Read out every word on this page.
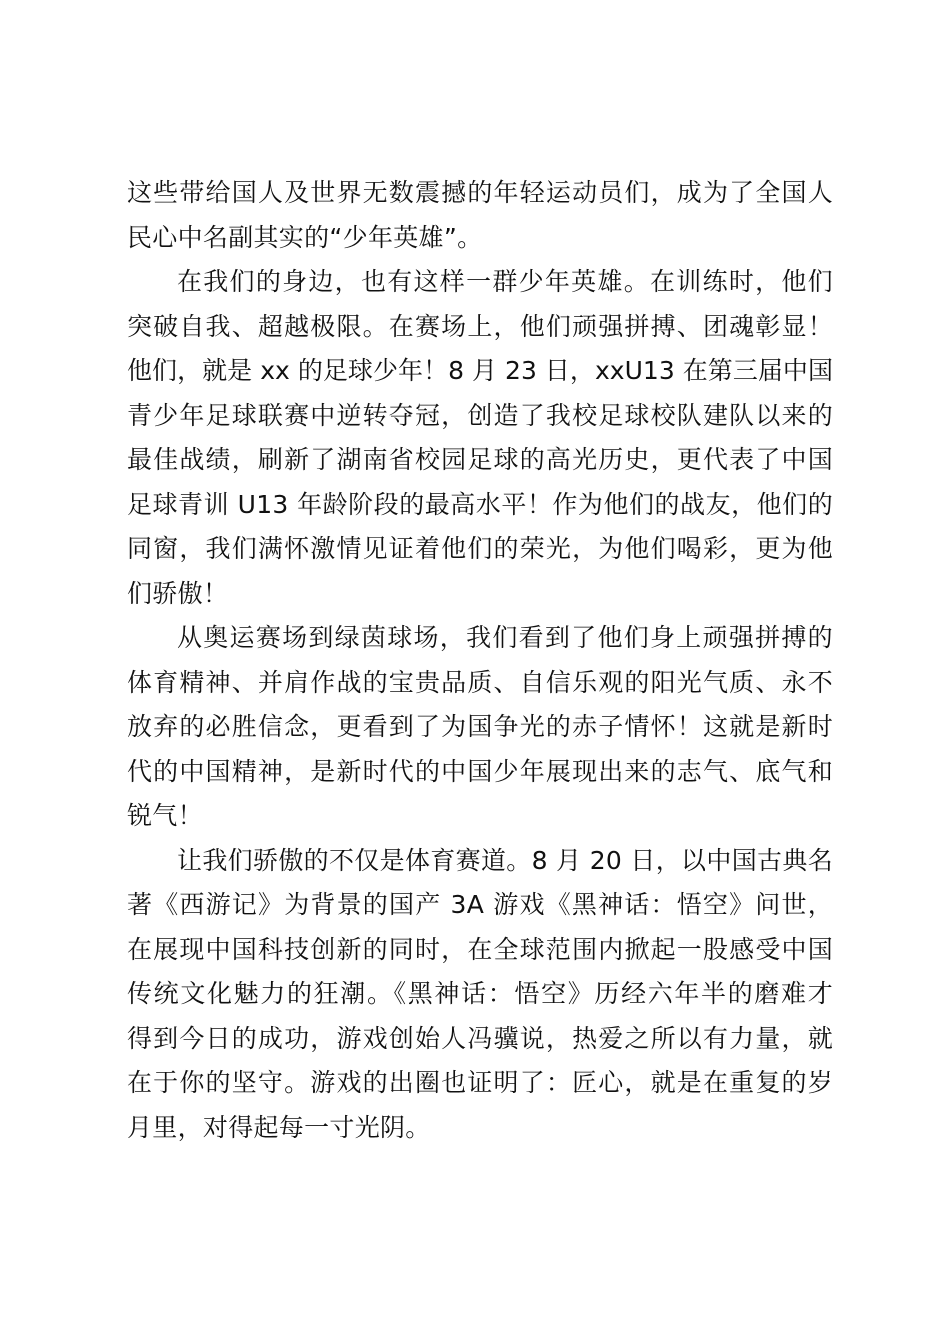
这些带给国人及世界无数震撼的年轻运动员们，成为了全国人
民心中名副其实的“少年英雄”。
在我们的身边，也有这样一群少年英雄。在训练时，他们
突破自我、超越极限。在赛场上，他们顽强拼搏、团魂彰显！
他们，就是 xx 的足球少年！8 月 23 日，xxU13 在第三届中国
青少年足球联赛中逆转夺冠，创造了我校足球校队建队以来的
最佳战绩，刷新了湖南省校园足球的高光历史，更代表了中国
足球青训 U13 年龄阶段的最高水平！作为他们的战友，他们的
同窗，我们满怀激情见证着他们的荣光，为他们喝彩，更为他
们骄傲！
从奥运赛场到绿茵球场，我们看到了他们身上顽强拼搏的
体育精神、并肩作战的宝贵品质、自信乐观的阳光气质、永不
放弃的必胜信念，更看到了为国争光的赤子情怀！这就是新时
代的中国精神，是新时代的中国少年展现出来的志气、底气和
锐气！
让我们骄傲的不仅是体育赛道。8 月 20 日，以中国古典名
著《西游记》为背景的国产 3A 游戏《黑神话：悟空》问世，
在展现中国科技创新的同时，在全球范围内掀起一股感受中国
传统文化魅力的狂潮。《黑神话：悟空》历经六年半的磨难才
得到今日的成功，游戏创始人冯骥说，热爱之所以有力量，就
在于你的坚守。游戏的出圈也证明了：匠心，就是在重复的岁
月里，对得起每一寸光阴。
